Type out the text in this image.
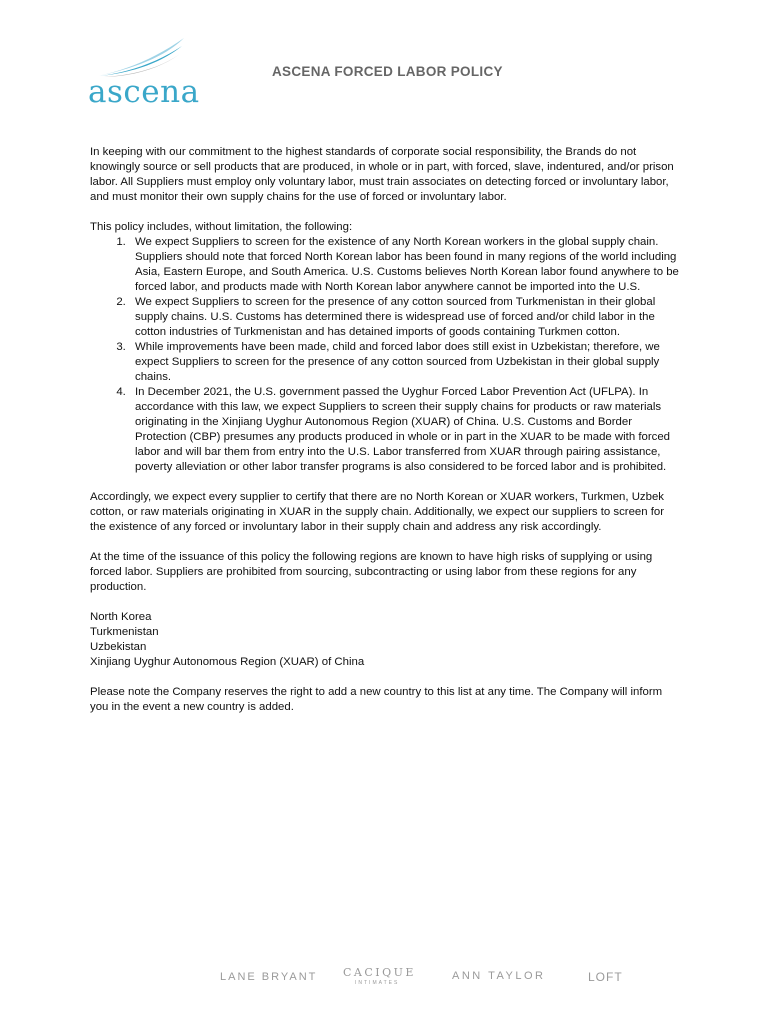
ascena
ASCENA FORCED LABOR POLICY

In keeping with our commitment to the highest standards of corporate social responsibility, the Brands do not knowingly source or sell products that are produced, in whole or in part, with forced, slave, indentured, and/or prison labor. All Suppliers must employ only voluntary labor, must train associates on detecting forced or involuntary labor, and must monitor their own supply chains for the use of forced or involuntary labor.

This policy includes, without limitation, the following:

1. We expect Suppliers to screen for the existence of any North Korean workers in the global supply chain. Suppliers should note that forced North Korean labor has been found in many regions of the world including Asia, Eastern Europe, and South America. U.S. Customs believes North Korean labor found anywhere to be forced labor, and products made with North Korean labor anywhere cannot be imported into the U.S.
2. We expect Suppliers to screen for the presence of any cotton sourced from Turkmenistan in their global supply chains. U.S. Customs has determined there is widespread use of forced and/or child labor in the cotton industries of Turkmenistan and has detained imports of goods containing Turkmen cotton.
3. While improvements have been made, child and forced labor does still exist in Uzbekistan; therefore, we expect Suppliers to screen for the presence of any cotton sourced from Uzbekistan in their global supply chains.
4. In December 2021, the U.S. government passed the Uyghur Forced Labor Prevention Act (UFLPA). In accordance with this law, we expect Suppliers to screen their supply chains for products or raw materials originating in the Xinjiang Uyghur Autonomous Region (XUAR) of China. U.S. Customs and Border Protection (CBP) presumes any products produced in whole or in part in the XUAR to be made with forced labor and will bar them from entry into the U.S. Labor transferred from XUAR through pairing assistance, poverty alleviation or other labor transfer programs is also considered to be forced labor and is prohibited.

Accordingly, we expect every supplier to certify that there are no North Korean or XUAR workers, Turkmen, Uzbek cotton, or raw materials originating in XUAR in the supply chain. Additionally, we expect our suppliers to screen for the existence of any forced or involuntary labor in their supply chain and address any risk accordingly.

At the time of the issuance of this policy the following regions are known to have high risks of supplying or using forced labor. Suppliers are prohibited from sourcing, subcontracting or using labor from these regions for any production.

North Korea
Turkmenistan
Uzbekistan
Xinjiang Uyghur Autonomous Region (XUAR) of China

Please note the Company reserves the right to add a new country to this list at any time. The Company will inform you in the event a new country is added.

LANE BRYANT CACIQUE
INTIMATES
ANN TAYLOR	LOFT
